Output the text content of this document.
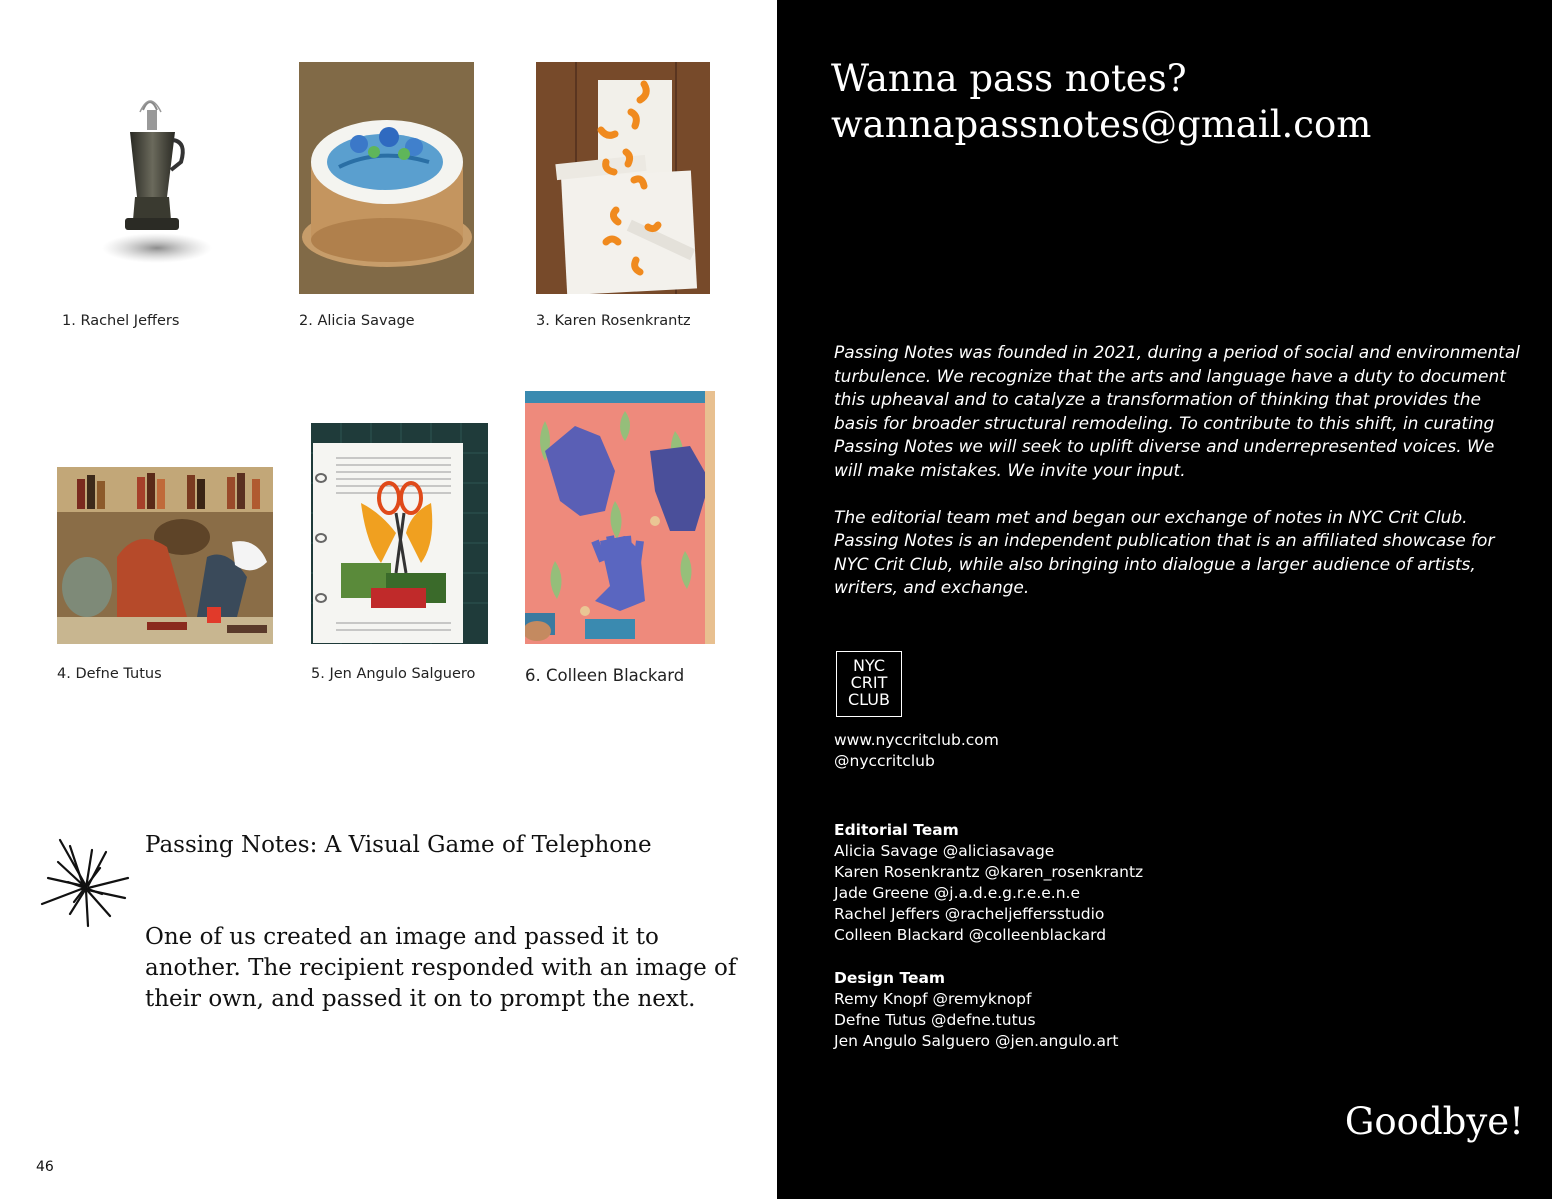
1. Rachel Jeffers	2. Alicia Savage	3. Karen Rosenkrantz
4. Defne Tutus	5. Jen Angulo Salguero	6. Colleen Blackard
Passing Notes: A Visual Game of Telephone
One of us created an image and passed it to another. The recipient responded with an image of their own, and passed it on to prompt the next.
46
Wanna pass notes?
wannapassnotes@gmail.com

Passing Notes was founded in 2021, during a period of social and environmental turbulence. We recognize that the arts and language have a duty to document this upheaval and to catalyze a transformation of thinking that provides the basis for broader structural remodeling. To contribute to this shift, in curating Passing Notes we will seek to uplift diverse and underrepresented voices. We will make mistakes. We invite your input.

The editorial team met and began our exchange of notes in NYC Crit Club. Passing Notes is an independent publication that is an affiliated showcase for NYC Crit Club, while also bringing into dialogue a larger audience of artists, writers, and exchange.

NYC
CRIT
CLUB
www.nyccritclub.com
@nyccritclub
Editorial Team
Alicia Savage @aliciasavage
Karen Rosenkrantz @karen_rosenkrantz
Jade Greene @j.a.d.e.g.r.e.e.n.e
Rachel Jeffers @racheljeffersstudio
Colleen Blackard @colleenblackard
Design Team
Remy Knopf @remyknopf
Defne Tutus @defne.tutus
Jen Angulo Salguero @jen.angulo.art
Goodbye!
